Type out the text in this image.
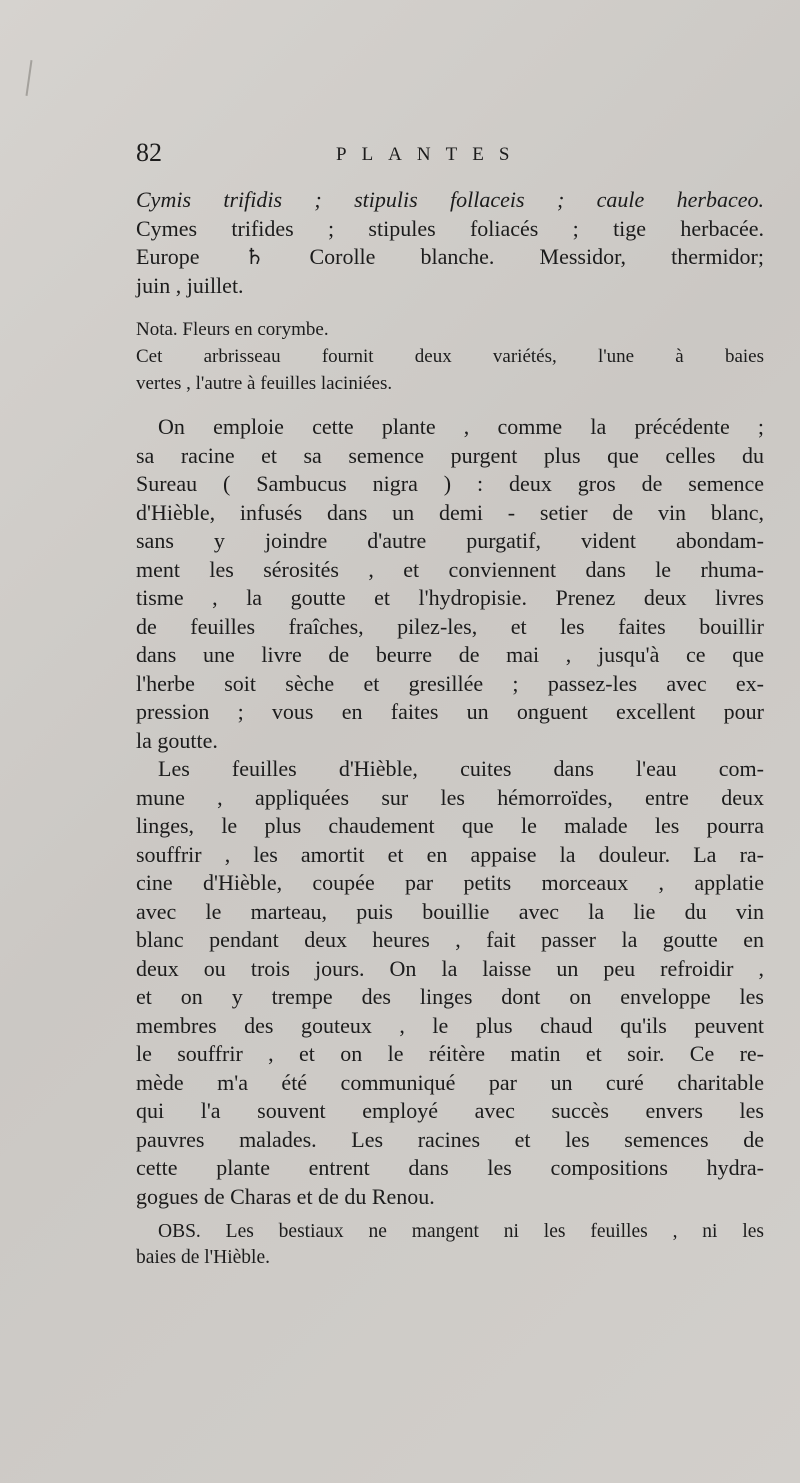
82	PLANTES
Cymis trifidis ; stipulis follaceis ; caule herbaceo.
Cymes trifides ; stipules foliacés ; tige herbacée.
Europe ♄ Corolle blanche. Messidor, thermidor;
juin , juillet.
Nota. Fleurs en corymbe.
Cet arbrisseau fournit deux variétés, l'une à baies
vertes , l'autre à feuilles laciniées.
On emploie cette plante , comme la précédente ;
sa racine et sa semence purgent plus que celles du
Sureau ( Sambucus nigra ) : deux gros de semence
d'Hièble, infusés dans un demi - setier de vin blanc,
sans y joindre d'autre purgatif, vident abondam-
ment les sérosités , et conviennent dans le rhuma-
tisme , la goutte et l'hydropisie. Prenez deux livres
de feuilles fraîches, pilez-les, et les faites bouillir
dans une livre de beurre de mai , jusqu'à ce que
l'herbe soit sèche et gresillée ; passez-les avec ex-
pression ; vous en faites un onguent excellent pour
la goutte.
Les feuilles d'Hièble, cuites dans l'eau com-
mune , appliquées sur les hémorroïdes, entre deux
linges, le plus chaudement que le malade les pourra
souffrir , les amortit et en appaise la douleur. La ra-
cine d'Hièble, coupée par petits morceaux , applatie
avec le marteau, puis bouillie avec la lie du vin
blanc pendant deux heures , fait passer la goutte en
deux ou trois jours. On la laisse un peu refroidir ,
et on y trempe des linges dont on enveloppe les
membres des gouteux , le plus chaud qu'ils peuvent
le souffrir , et on le réitère matin et soir. Ce re-
mède m'a été communiqué par un curé charitable
qui l'a souvent employé avec succès envers les
pauvres malades. Les racines et les semences de
cette plante entrent dans les compositions hydra-
gogues de Charas et de du Renou.
OBS. Les bestiaux ne mangent ni les feuilles , ni les
baies de l'Hièble.
